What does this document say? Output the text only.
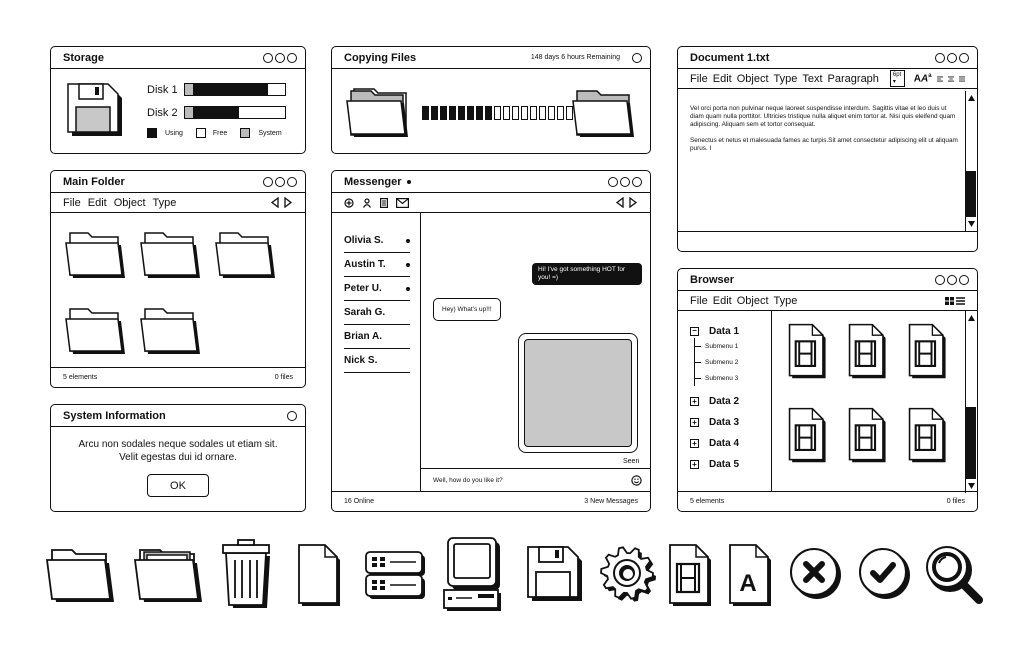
Storage
Disk 1
Disk 2
Using	Free	System
Copying Files	148 days 6 hours Remaining	Document 1.txt
File Edit Object Type Text Paragraph	6pt ▾	$AA^a$

Vel orci porta non pulvinar neque laoreet suspendisse interdum. Sagittis vitae et leo duis ut diam quam nulla porttitor. Ultricies tristique nulla aliquet enim tortor at. Nisi quis eleifend quam adipiscing. Aliquam sem et tortor consequat.

Senectus et netus et malesuada fames ac turpis.Sit amet consectetur adipiscing elit ut aliquam purus. I

Main Folder
File Edit Object Type
5 elements	0 files
Messenger
Olivia S.
Austin T.
Peter U.
Sarah G.
Brian A.
Nick S.
Hi! I've got something HOT for you! =)
Hey) What's up!!!
Seen
Well, how do you like it?
16 Online	3 New Messages
Browser
File Edit Object Type
− Data 1
Submenu 1
Submenu 2
Submenu 3
+ Data 2
+ Data 3
+ Data 4
+ Data 5
5 elements	0 files
System Information
Arcu non sodales neque sodales ut etiam sit.
Velit egestas dui id ornare.
OK
A
